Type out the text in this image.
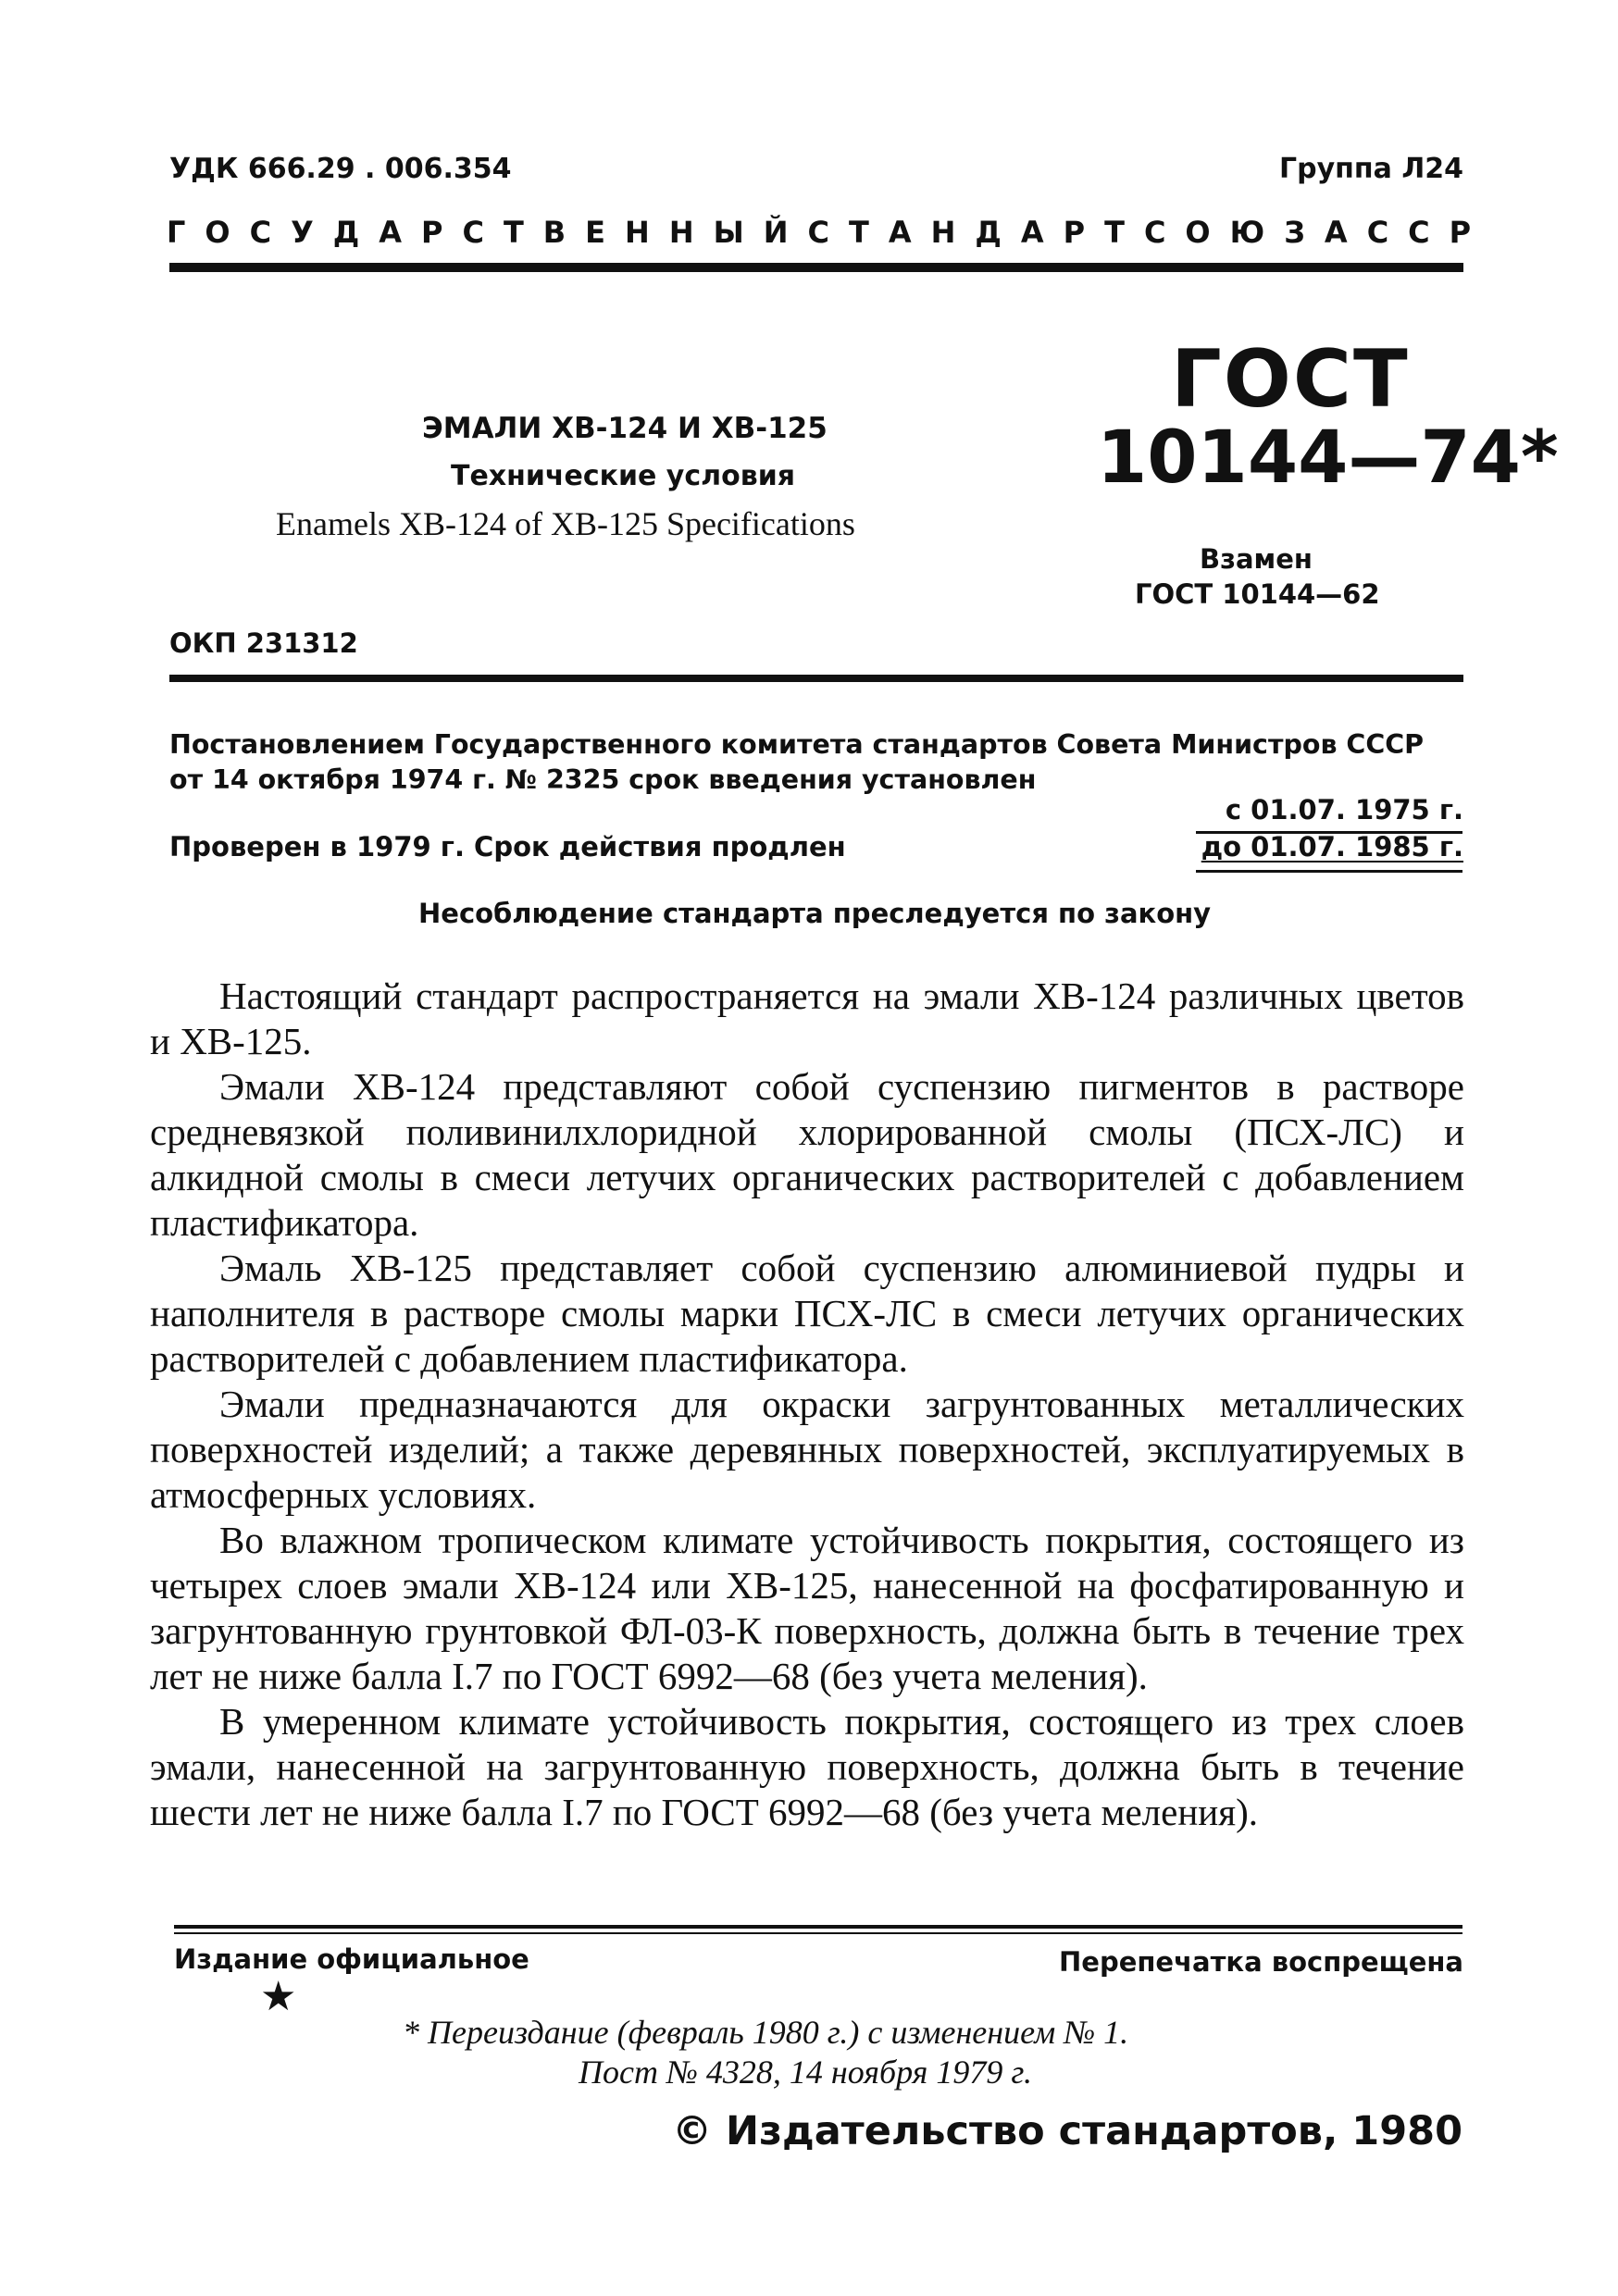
УДК 666.29 . 006.354	Группа Л24
ГОСУДАРСТВЕННЫЙ СТАНДАРТ СОЮЗА ССР
ГОСТ
10144—74*
ЭМАЛИ ХВ-124 И ХВ-125
Технические условия
Enamels XB-124 of XB-125 Specifications
Взамен
ГОСТ 10144—62
ОКП 231312
Постановлением Государственного комитета стандартов Совета Министров СССР от 14 октября 1974 г. № 2325 срок введения установлен
с 01.07. 1975 г.
Проверен в 1979 г. Срок действия продлен	до 01.07. 1985 г.
Несоблюдение стандарта преследуется по закону

Настоящий стандарт распространяется на эмали ХВ-124 различных цветов и ХВ-125.

Эмали ХВ-124 представляют собой суспензию пигментов в растворе средневязкой поливинилхлоридной хлорированной смолы (ПСХ-ЛС) и алкидной смолы в смеси летучих органических растворителей с добавлением пластификатора.

Эмаль ХВ-125 представляет собой суспензию алюминиевой пудры и наполнителя в растворе смолы марки ПСХ-ЛС в смеси летучих органических растворителей с добавлением пластификатора.

Эмали предназначаются для окраски загрунтованных металлических поверхностей изделий; а также деревянных поверхностей, эксплуатируемых в атмосферных условиях.

Во влажном тропическом климате устойчивость покрытия, состоящего из четырех слоев эмали ХВ-124 или ХВ-125, нанесенной на фосфатированную и загрунтованную грунтовкой ФЛ-03-К поверхность, должна быть в течение трех лет не ниже балла I.7 по ГОСТ 6992—68 (без учета меления).

В умеренном климате устойчивость покрытия, состоящего из трех слоев эмали, нанесенной на загрунтованную поверхность, должна быть в течение шести лет не ниже балла I.7 по ГОСТ 6992—68 (без учета меления).

Издание официальное
★
Перепечатка воспрещена
* Переиздание (февраль 1980 г.) с изменением № 1.
Пост № 4328, 14 ноября 1979 г.
© Издательство стандартов, 1980
